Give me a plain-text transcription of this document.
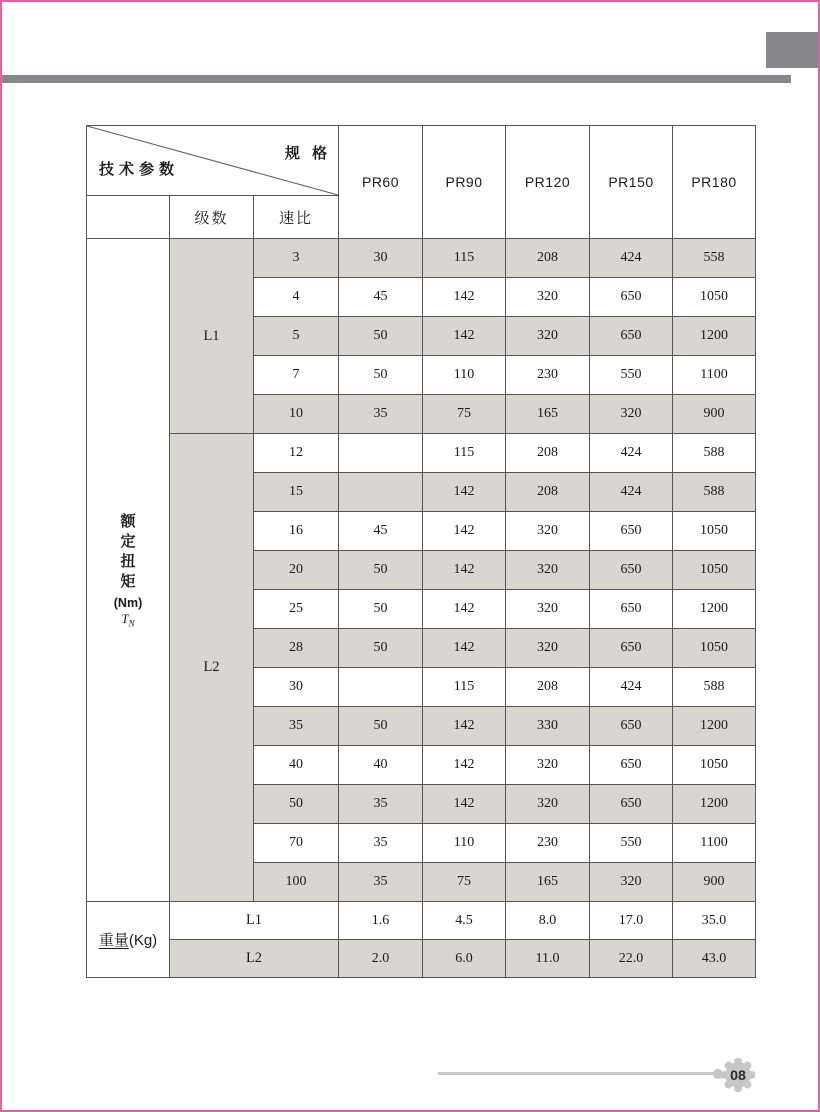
规 格
技术参数			PR60	PR90	PR120	PR150	PR180
	级数	速比					

额定扭矩
(Nm)
$T_N$	L1	3	30	115	208	424	558
		4	45	142	320	650	1050
		5	50	142	320	650	1200
		7	50	110	230	550	1100
		10	35	75	165	320	900
	L2	12		115	208	424	588
		15		142	208	424	588
		16	45	142	320	650	1050
		20	50	142	320	650	1050
		25	50	142	320	650	1200
		28	50	142	320	650	1050
		30		115	208	424	588
		35	50	142	330	650	1200
		40	40	142	320	650	1050
		50	35	142	320	650	1200
		70	35	110	230	550	1100
		100	35	75	165	320	900
重量(Kg)	L1		1.6	4.5	8.0	17.0	35.0
	L2		2.0	6.0	11.0	22.0	43.0
08
